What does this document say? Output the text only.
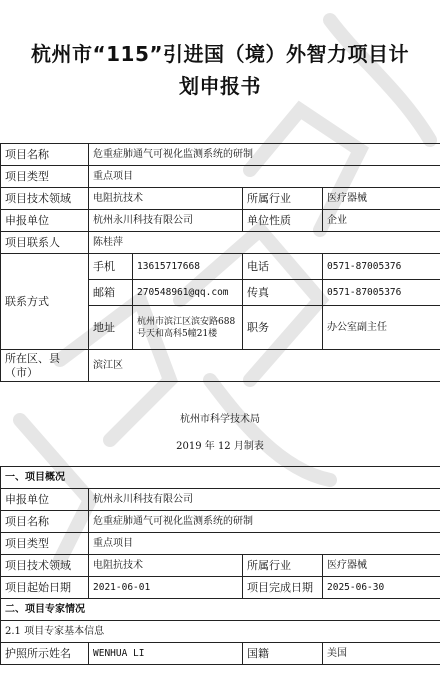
杭州市“115”引进国（境）外智力项目计
划申报书
项目名称	危重症肺通气可视化监测系统的研制			
项目类型	重点项目			
项目技术领域	电阻抗技术		所属行业	医疗器械
申报单位	杭州永川科技有限公司		单位性质	企业
项目联系人	陈桂萍			
联系方式	手机	13615717668	电话	0571-87005376
	邮箱	270548961@qq.com	传真	0571-87005376
	地址	杭州市滨江区滨安路688号天和高科5幢21楼	职务	办公室副主任
所在区、县（市）	滨江区			
杭州市科学技术局
2019 年 12 月制表
一、项目概况			
申报单位	杭州永川科技有限公司		
项目名称	危重症肺通气可视化监测系统的研制		
项目类型	重点项目		
项目技术领域	电阻抗技术	所属行业	医疗器械
项目起始日期	2021-06-01	项目完成日期	2025-06-30
二、项目专家情况			
2.1 项目专家基本信息			
护照所示姓名	WENHUA LI	国籍	美国
